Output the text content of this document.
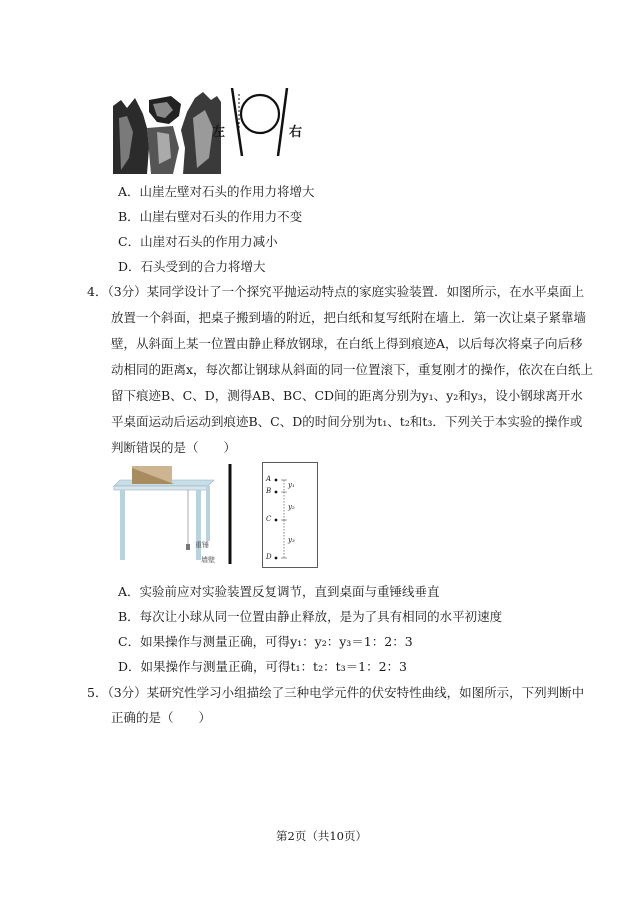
左	右
A．山崖左壁对石头的作用力将增大
B．山崖右壁对石头的作用力不变
C．山崖对石头的作用力减小
D．石头受到的合力将增大
4．（3分）某同学设计了一个探究平抛运动特点的家庭实验装置．如图所示，在水平桌面上
放置一个斜面，把桌子搬到墙的附近，把白纸和复写纸附在墙上．第一次让桌子紧靠墙
壁，从斜面上某一位置由静止释放钢球，在白纸上得到痕迹A，以后每次将桌子向后移
动相同的距离x，每次都让钢球从斜面的同一位置滚下，重复刚才的操作，依次在白纸上
留下痕迹B、C、D，测得AB、BC、CD间的距离分别为y₁、y₂和y₃，设小钢球离开水
平桌面运动后运动到痕迹B、C、D的时间分别为t₁、t₂和t₃．下列关于本实验的操作或
判断错误的是（　　）
重锤
墙壁
A
B
C
D
y₁
y₂
y₃
A．实验前应对实验装置反复调节，直到桌面与重锤线垂直
B．每次让小球从同一位置由静止释放，是为了具有相同的水平初速度
C．如果操作与测量正确，可得y₁：y₂：y₃＝1：2：3
D．如果操作与测量正确，可得t₁：t₂：t₃＝1：2：3
5．（3分）某研究性学习小组描绘了三种电学元件的伏安特性曲线，如图所示，下列判断中
正确的是（　　）
第2页（共10页）
